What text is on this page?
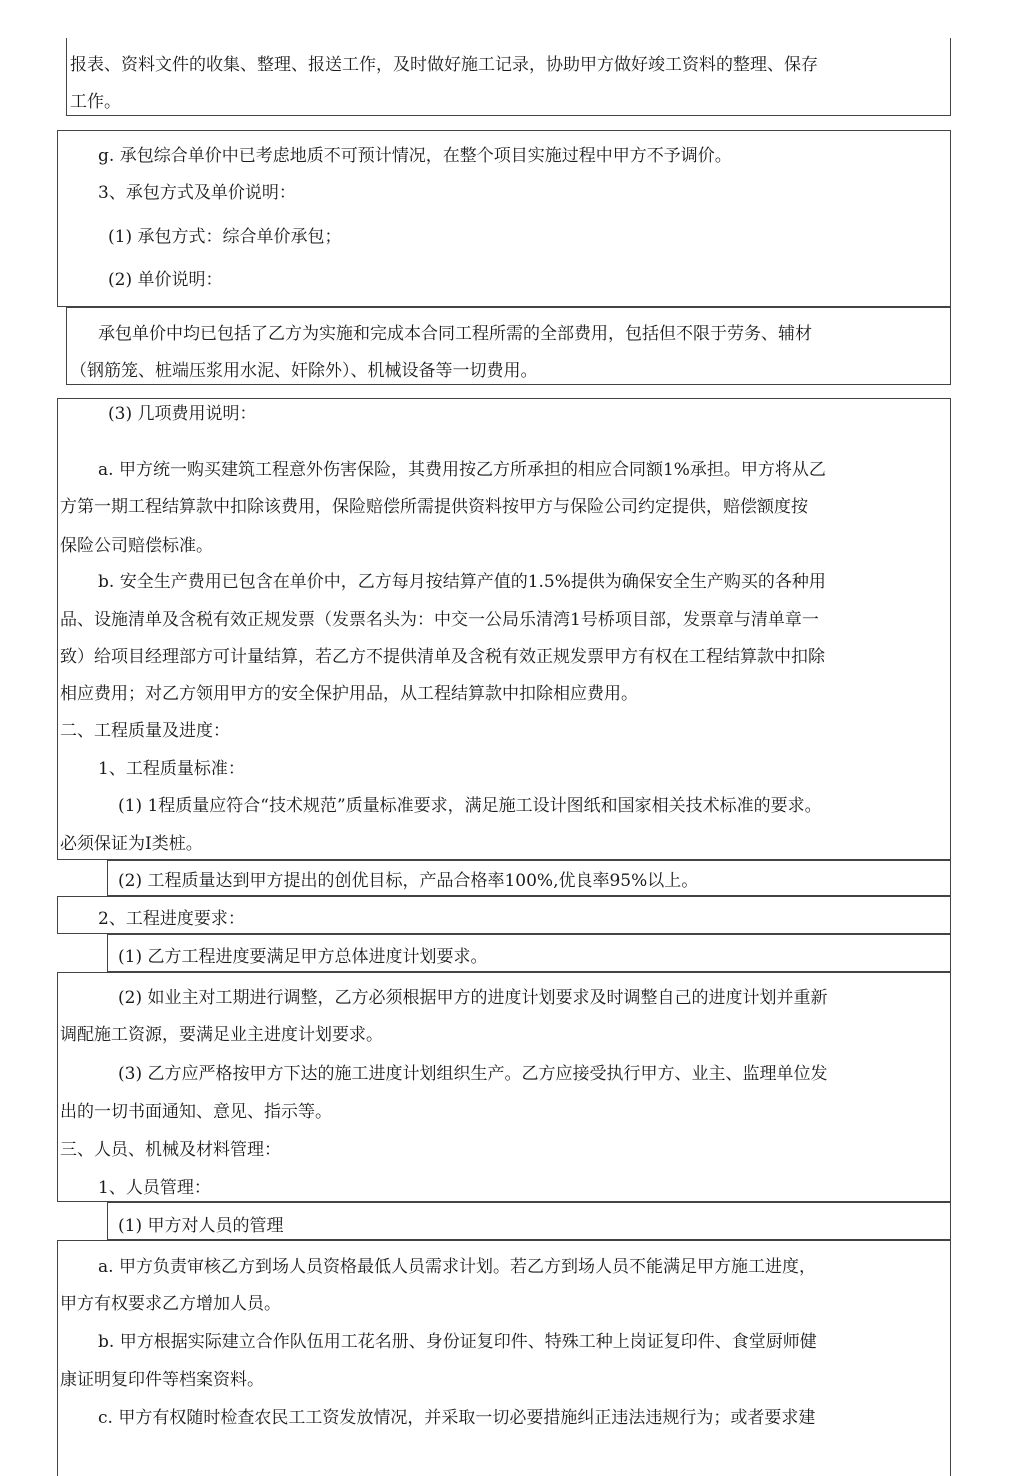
报表、资料文件的收集、整理、报送工作，及时做好施工记录，协助甲方做好竣工资料的整理、保存
工作。
g. 承包综合单价中已考虑地质不可预计情况，在整个项目实施过程中甲方不予调价。
3、承包方式及单价说明：
(1) 承包方式：综合单价承包；
(2) 单价说明：
承包单价中均已包括了乙方为实施和完成本合同工程所需的全部费用，包括但不限于劳务、辅材
（钢筋笼、桩端压浆用水泥、奸除外）、机械设备等一切费用。
(3) 几项费用说明：
a. 甲方统一购买建筑工程意外伤害保险，其费用按乙方所承担的相应合同额1%承担。甲方将从乙
方第一期工程结算款中扣除该费用，保险赔偿所需提供资料按甲方与保险公司约定提供，赔偿额度按
保险公司赔偿标准。
b. 安全生产费用已包含在单价中，乙方每月按结算产值的1.5%提供为确保安全生产购买的各种用
品、设施清单及含税有效正规发票（发票名头为：中交一公局乐清湾1号桥项目部，发票章与清单章一
致）给项目经理部方可计量结算，若乙方不提供清单及含税有效正规发票甲方有权在工程结算款中扣除
相应费用；对乙方领用甲方的安全保护用品，从工程结算款中扣除相应费用。
二、工程质量及进度：
1、工程质量标准：
(1) 1程质量应符合“技术规范”质量标准要求，满足施工设计图纸和国家相关技术标准的要求。
必须保证为I类桩。
(2) 工程质量达到甲方提出的创优目标，产品合格率100%,优良率95%以上。
2、工程进度要求：
(1) 乙方工程进度要满足甲方总体进度计划要求。
(2) 如业主对工期进行调整，乙方必须根据甲方的进度计划要求及时调整自己的进度计划并重新
调配施工资源，要满足业主进度计划要求。
(3) 乙方应严格按甲方下达的施工进度计划组织生产。乙方应接受执行甲方、业主、监理单位发
出的一切书面通知、意见、指示等。
三、人员、机械及材料管理：
1、人员管理：
(1) 甲方对人员的管理
a. 甲方负责审核乙方到场人员资格最低人员需求计划。若乙方到场人员不能满足甲方施工进度，
甲方有权要求乙方增加人员。
b. 甲方根据实际建立合作队伍用工花名册、身份证复印件、特殊工种上岗证复印件、食堂厨师健
康证明复印件等档案资料。
c. 甲方有权随时检查农民工工资发放情况，并采取一切必要措施纠正违法违规行为；或者要求建
